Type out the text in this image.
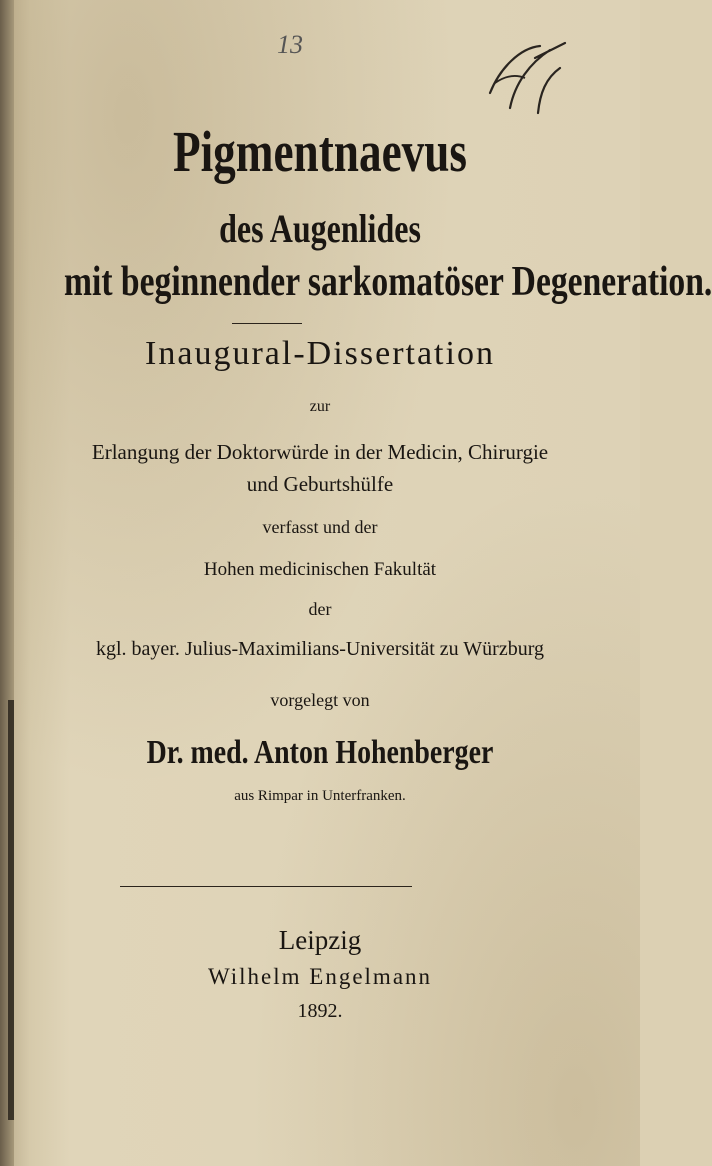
13
Pigmentnaevus
des Augenlides
mit beginnender sarkomatöser Degeneration.
Inaugural-Dissertation
zur
Erlangung der Doktorwürde in der Medicin, Chirurgie
und Geburtshülfe
verfasst und der
Hohen medicinischen Fakultät
der
kgl. bayer. Julius-Maximilians-Universität zu Würzburg
vorgelegt von
Dr. med. Anton Hohenberger
aus Rimpar in Unterfranken.
Leipzig
Wilhelm Engelmann
1892.
